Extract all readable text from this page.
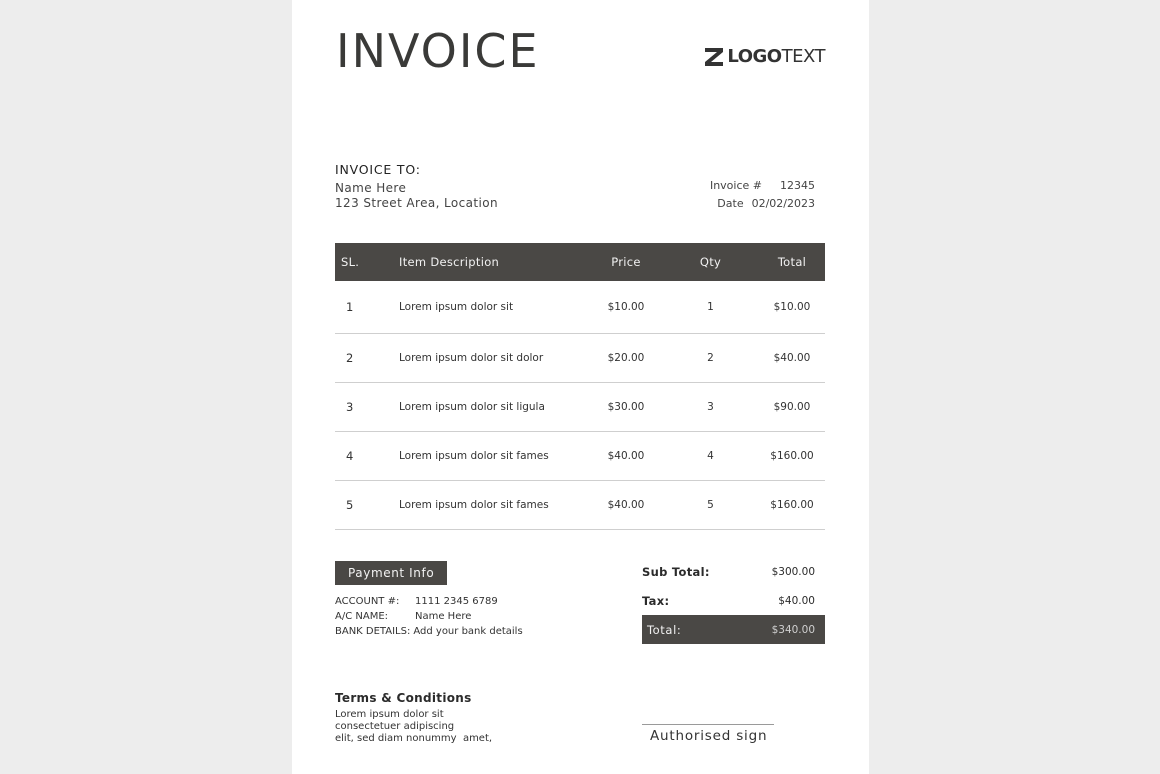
INVOICE	LOGO TEXT
INVOICE TO:
Name Here
123 Street Area, Location
Invoice # 12345
Date 02/02/2023
SL.	Item Description	Price	Qty	Total
1	Lorem ipsum dolor sit	$10.00	1	$10.00
2	Lorem ipsum dolor sit dolor	$20.00	2	$40.00
3	Lorem ipsum dolor sit ligula	$30.00	3	$90.00
4	Lorem ipsum dolor sit fames	$40.00	4	$160.00
5	Lorem ipsum dolor sit fames	$40.00	5	$160.00
Payment Info
ACCOUNT #:	1111 2345 6789
A/C NAME:	Name Here
BANK DETAILS: Add your bank details
Sub Total:	$300.00
Tax:	$40.00
Total:	$340.00
Terms & Conditions
Lorem ipsum dolor sit
consectetuer adipiscing
elit, sed diam nonummy  amet,	Authorised sign
